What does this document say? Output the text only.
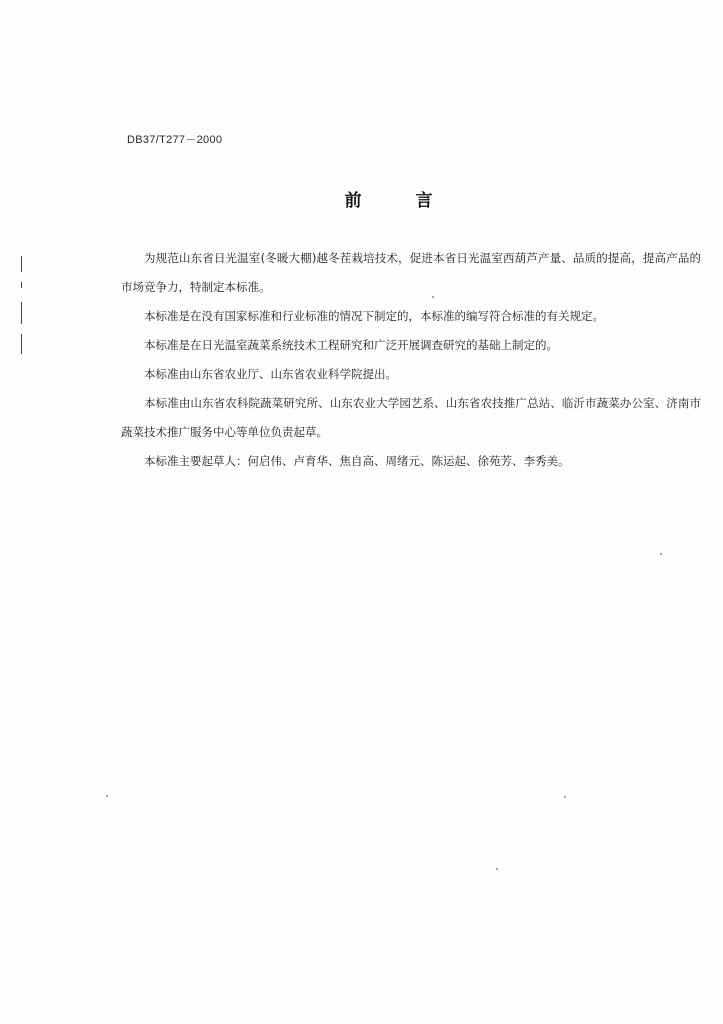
DB37/T277－2000
前 言

为规范山东省日光温室(冬暖大棚)越冬茬栽培技术，促进本省日光温室西葫芦产量、品质的提高，提高产品的市场竞争力，特制定本标准。

本标准是在没有国家标准和行业标准的情况下制定的，本标准的编写符合标准的有关规定。

本标准是在日光温室蔬菜系统技术工程研究和广泛开展调查研究的基础上制定的。

本标准由山东省农业厅、山东省农业科学院提出。

本标准由山东省农科院蔬菜研究所、山东农业大学园艺系、山东省农技推广总站、临沂市蔬菜办公室、济南市蔬菜技术推广服务中心等单位负责起草。

本标准主要起草人：何启伟、卢育华、焦自高、周绪元、陈运起、徐苑芳、李秀美。
